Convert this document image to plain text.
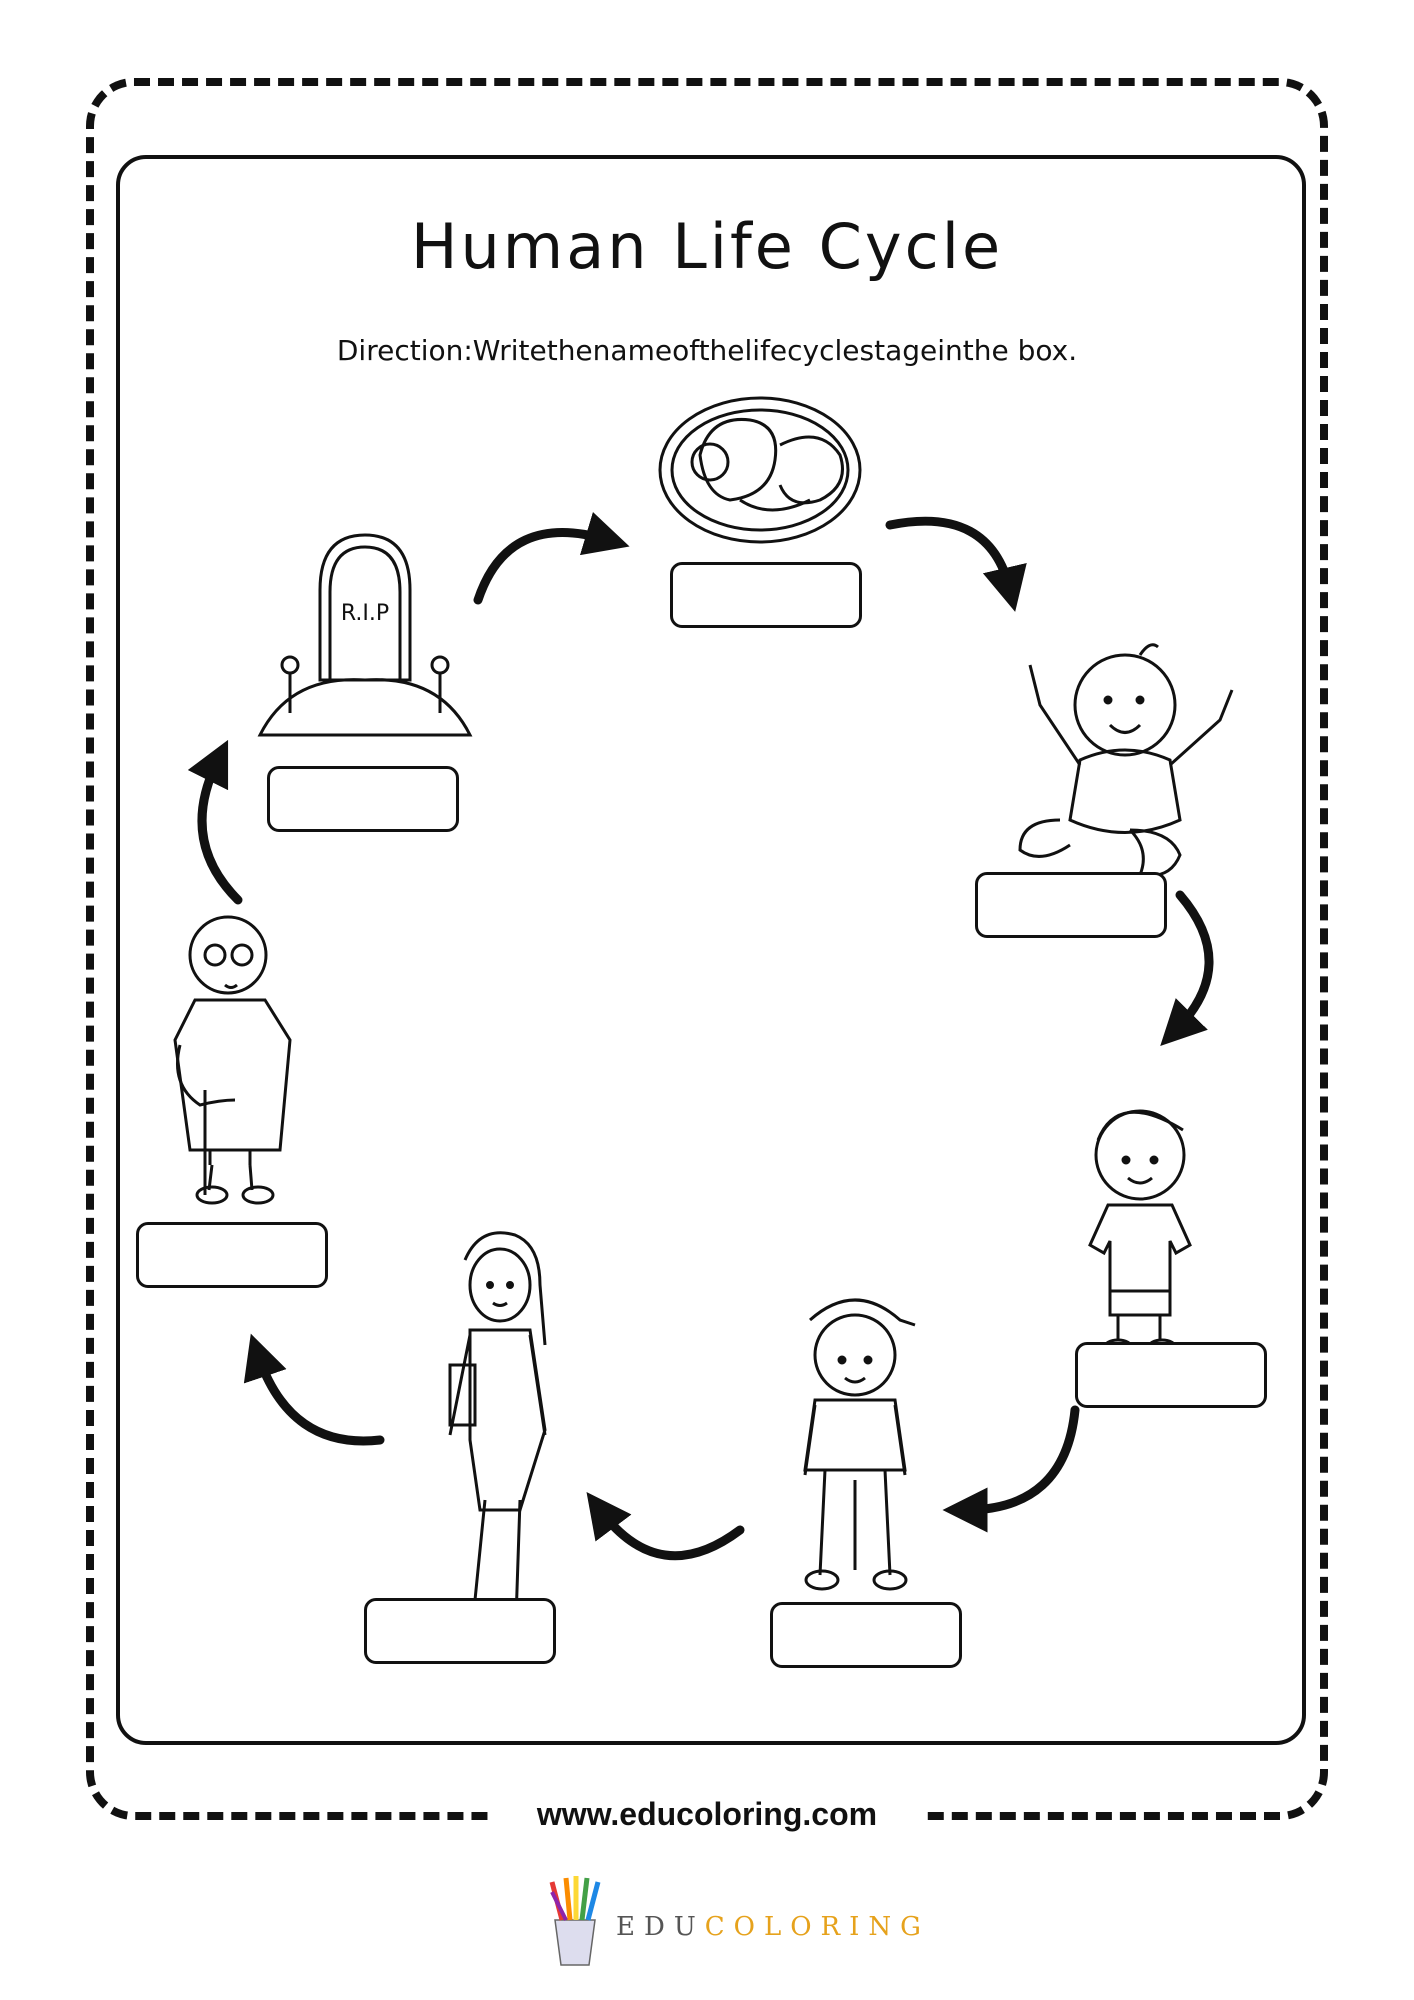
Human Life Cycle
Direction:Writethenameofthelifecyclestageinthe box.
R.I.P
www.educoloring.com
EDUCOLORING
